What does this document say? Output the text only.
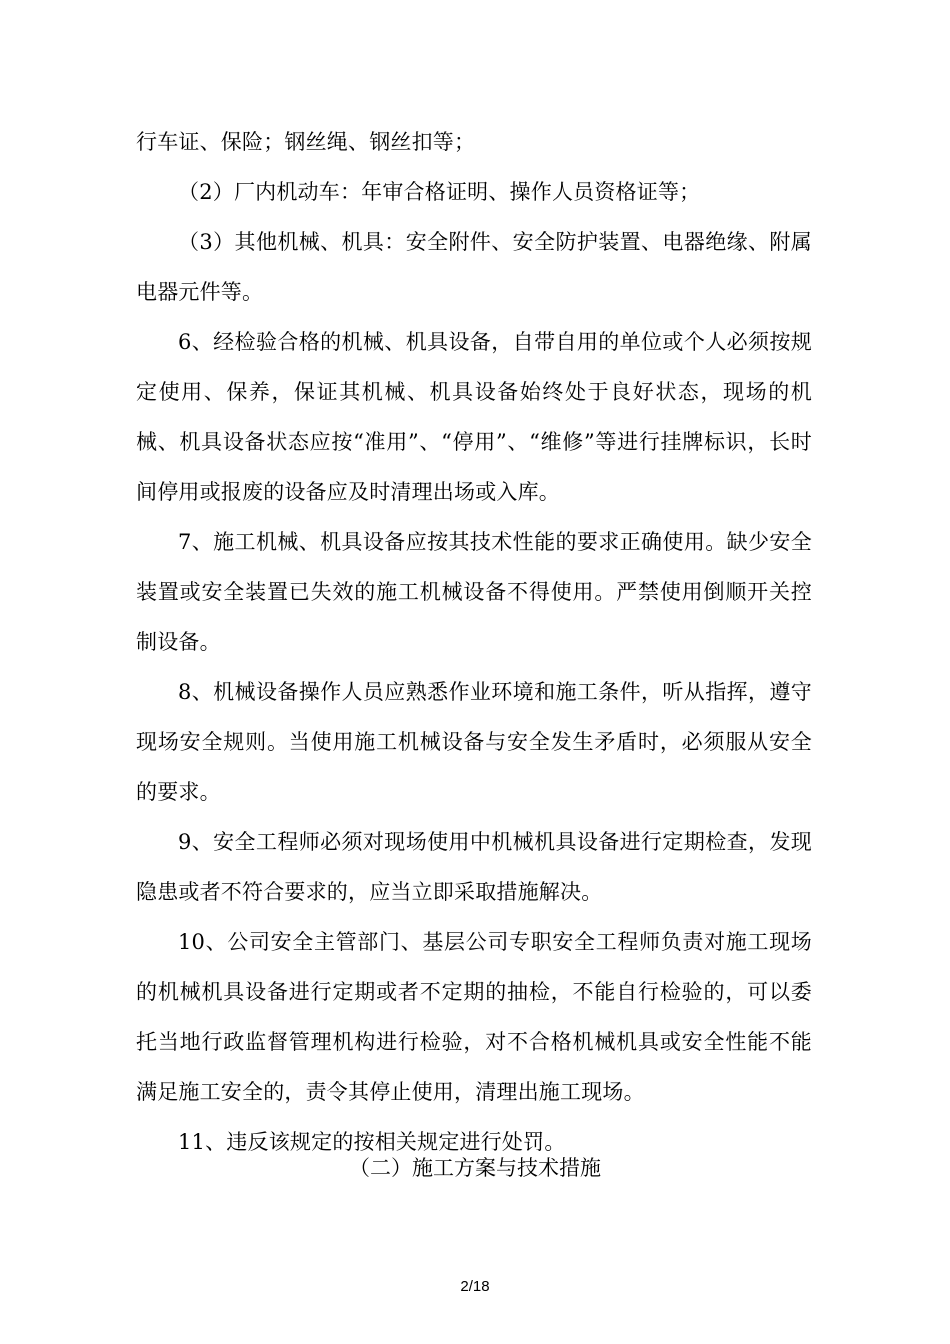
行车证、保险；钢丝绳、钢丝扣等；

（2）厂内机动车：年审合格证明、操作人员资格证等；

（3）其他机械、机具：安全附件、安全防护装置、电器绝缘、附属电器元件等。

6、经检验合格的机械、机具设备，自带自用的单位或个人必须按规定使用、保养，保证其机械、机具设备始终处于良好状态，现场的机械、机具设备状态应按“准用”、“停用”、“维修”等进行挂牌标识，长时间停用或报废的设备应及时清理出场或入库。

7、施工机械、机具设备应按其技术性能的要求正确使用。缺少安全装置或安全装置已失效的施工机械设备不得使用。严禁使用倒顺开关控制设备。

8、机械设备操作人员应熟悉作业环境和施工条件，听从指挥，遵守现场安全规则。当使用施工机械设备与安全发生矛盾时，必须服从安全的要求。

9、安全工程师必须对现场使用中机械机具设备进行定期检查，发现隐患或者不符合要求的，应当立即采取措施解决。

10、公司安全主管部门、基层公司专职安全工程师负责对施工现场的机械机具设备进行定期或者不定期的抽检，不能自行检验的，可以委托当地行政监督管理机构进行检验，对不合格机械机具或安全性能不能满足施工安全的，责令其停止使用，清理出施工现场。

11、违反该规定的按相关规定进行处罚。

（二）施工方案与技术措施

2/18
